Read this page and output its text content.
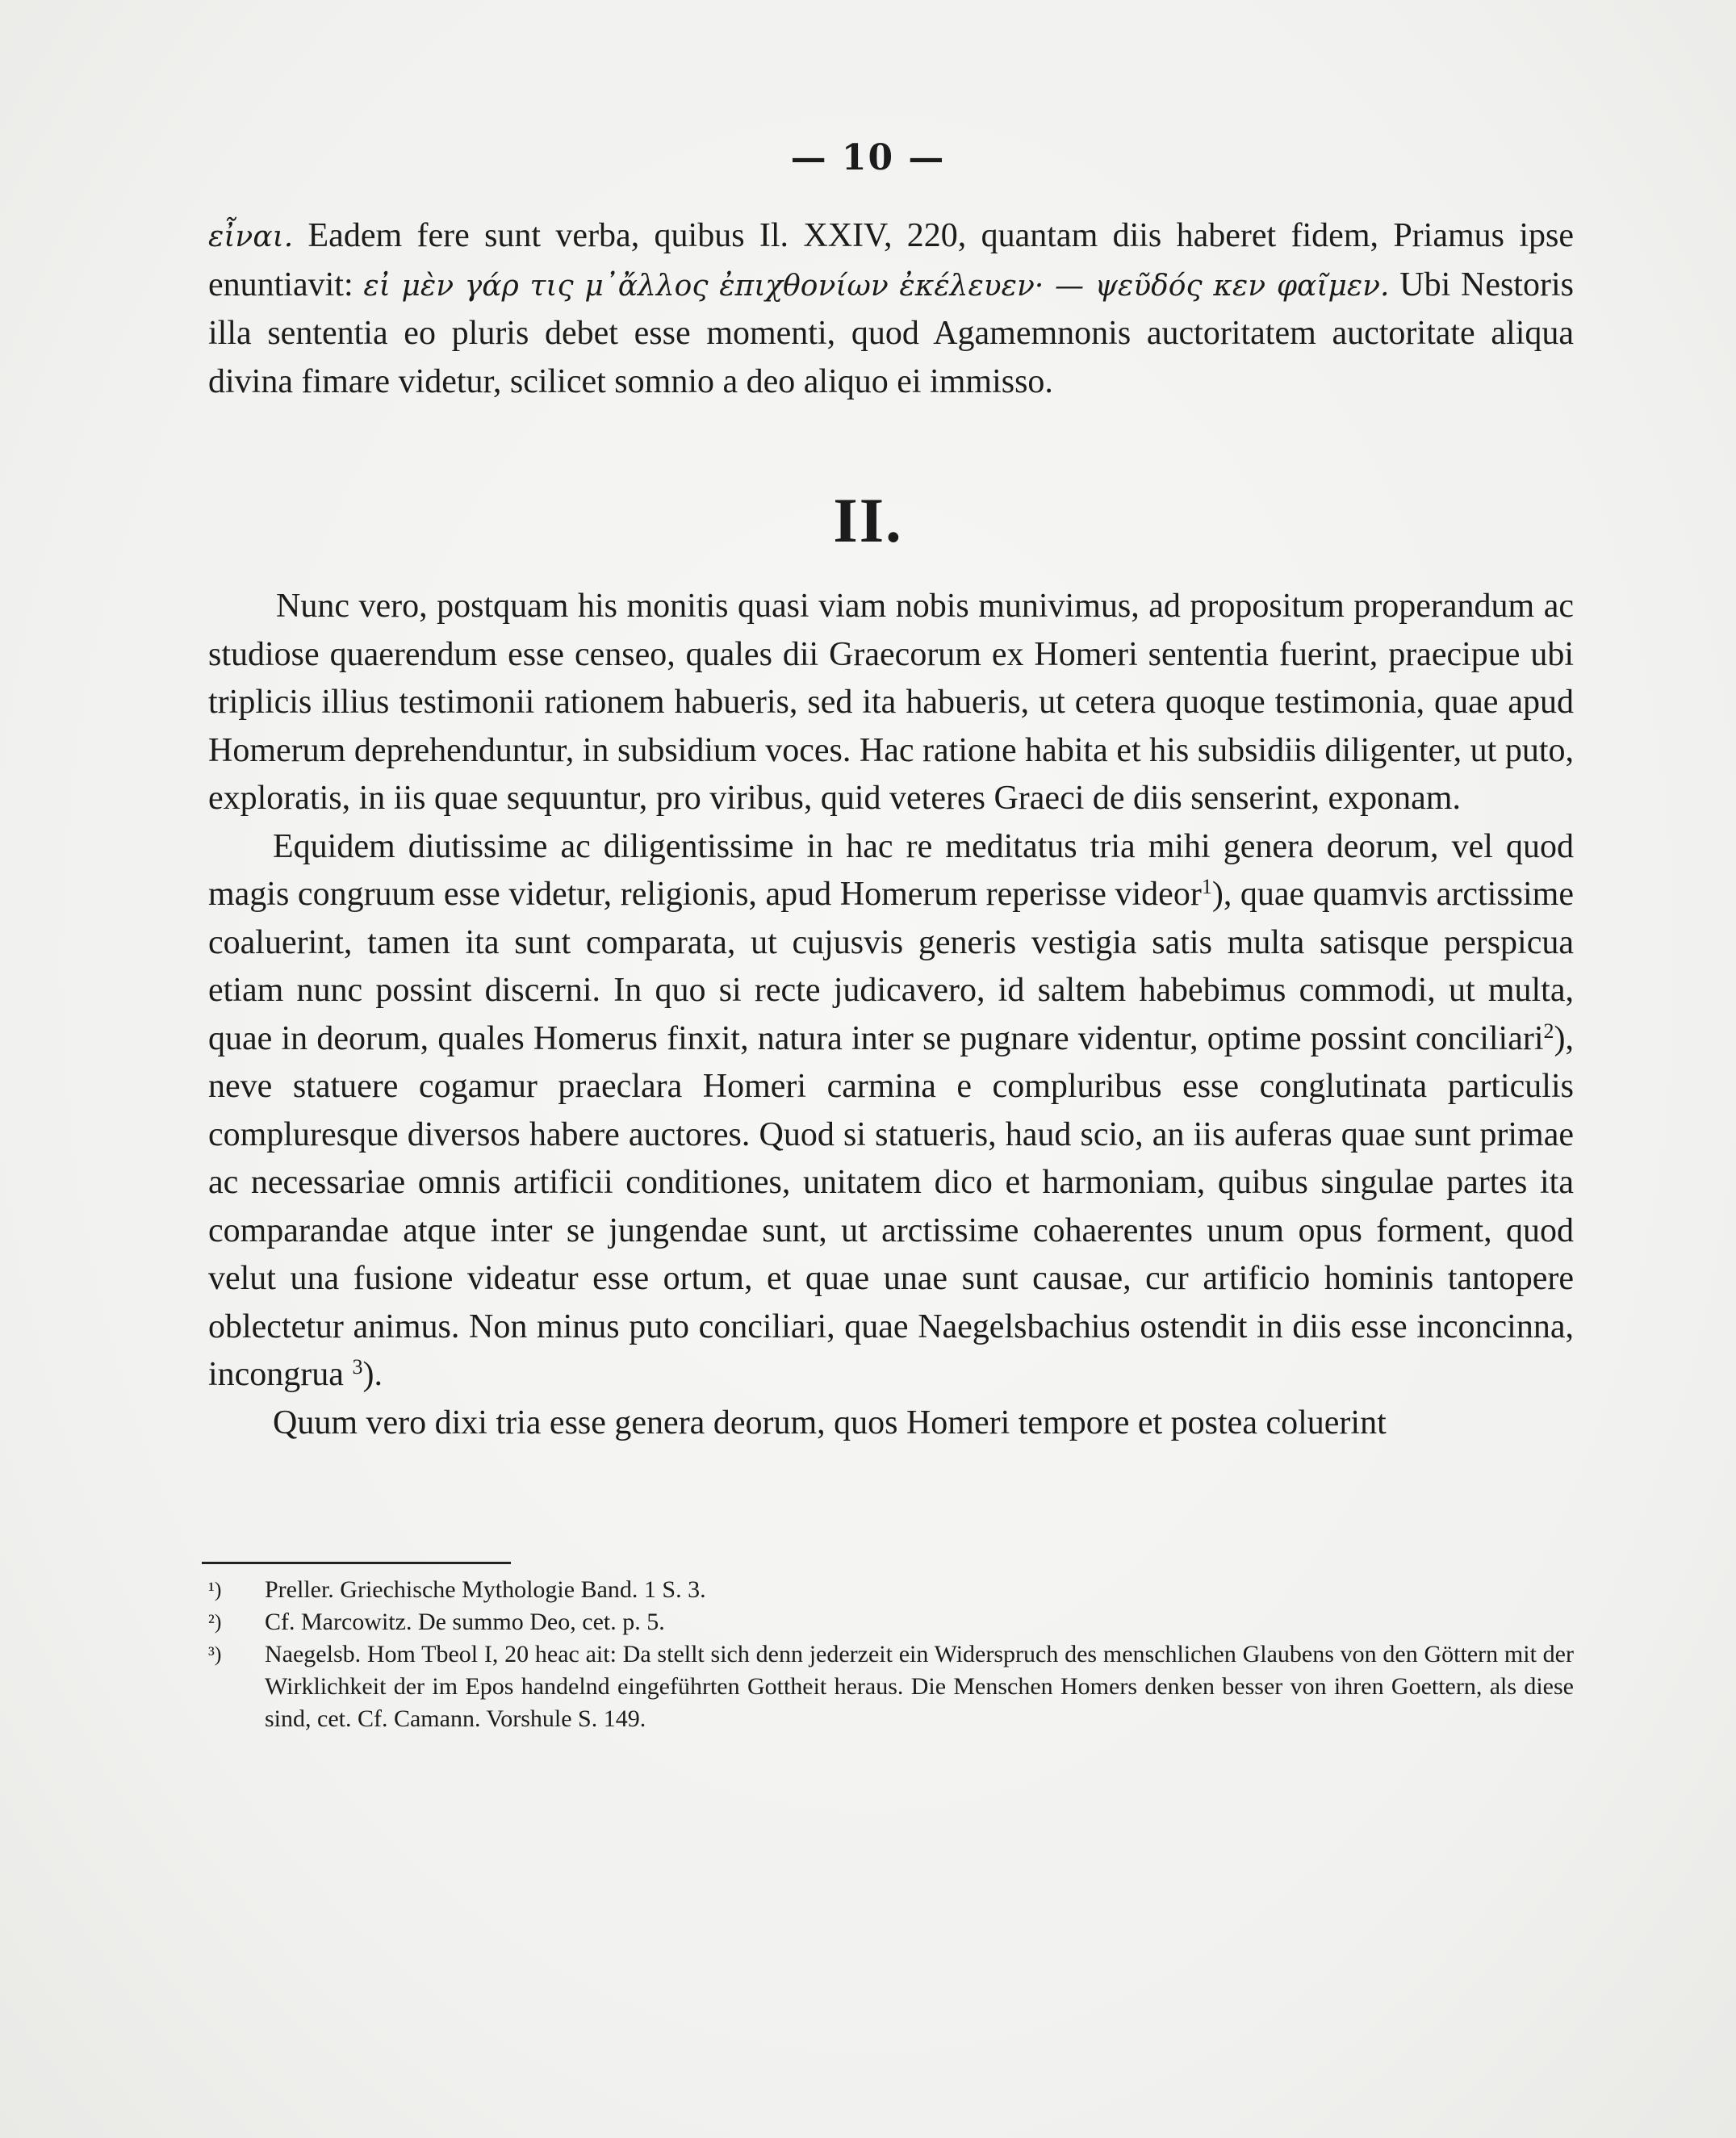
— 10 —

εἶναι. Eadem fere sunt verba, quibus Il. XXIV, 220, quantam diis haberet fidem, Priamus ipse enuntiavit: εἰ μὲν γάρ τις μ᾽ἄλλος ἐπιχθονίων ἐκέλευεν· — ψεῦδός κεν φαῖμεν. Ubi Nestoris illa sententia eo pluris debet esse momenti, quod Agamemnonis auctoritatem auctoritate aliqua divina fimare videtur, scilicet somnio a deo aliquo ei immisso.

II.

Nunc vero, postquam his monitis quasi viam nobis munivimus, ad propositum properandum ac studiose quaerendum esse censeo, quales dii Graecorum ex Homeri sententia fuerint, praecipue ubi triplicis illius testimonii rationem habueris, sed ita habueris, ut cetera quoque testimonia, quae apud Homerum deprehenduntur, in subsidium voces. Hac ratione habita et his subsidiis diligenter, ut puto, exploratis, in iis quae sequuntur, pro viribus, quid veteres Graeci de diis senserint, exponam.

Equidem diutissime ac diligentissime in hac re meditatus tria mihi genera deorum, vel quod magis congruum esse videtur, religionis, apud Homerum reperisse videor$^1$), quae quamvis arctissime coaluerint, tamen ita sunt comparata, ut cujusvis generis vestigia satis multa satisque perspicua etiam nunc possint discerni. In quo si recte judicavero, id saltem habebimus commodi, ut multa, quae in deorum, quales Homerus finxit, natura inter se pugnare videntur, optime possint conciliari$^2$), neve statuere cogamur praeclara Homeri carmina e compluribus esse conglutinata particulis compluresque diversos habere auctores. Quod si statueris, haud scio, an iis auferas quae sunt primae ac necessariae omnis artificii conditiones, unitatem dico et harmoniam, quibus singulae partes ita comparandae atque inter se jungendae sunt, ut arctissime cohaerentes unum opus forment, quod velut una fusione videatur esse ortum, et quae unae sunt causae, cur artificio hominis tantopere oblectetur animus. Non minus puto conciliari, quae Naegelsbachius ostendit in diis esse inconcinna, incongrua $^3$).

Quum vero dixi tria esse genera deorum, quos Homeri tempore et postea coluerint

¹)	Preller. Griechische Mythologie Band. 1 S. 3.
²)	Cf. Marcowitz. De summo Deo, cet. p. 5.
³)	Naegelsb. Hom Tbeol I, 20 heac ait: Da stellt sich denn jederzeit ein Widerspruch des menschlichen Glaubens von den Göttern mit der Wirklichkeit der im Epos handelnd eingeführten Gottheit heraus. Die Menschen Homers denken besser von ihren Goettern, als diese sind, cet. Cf. Camann. Vorshule S. 149.
